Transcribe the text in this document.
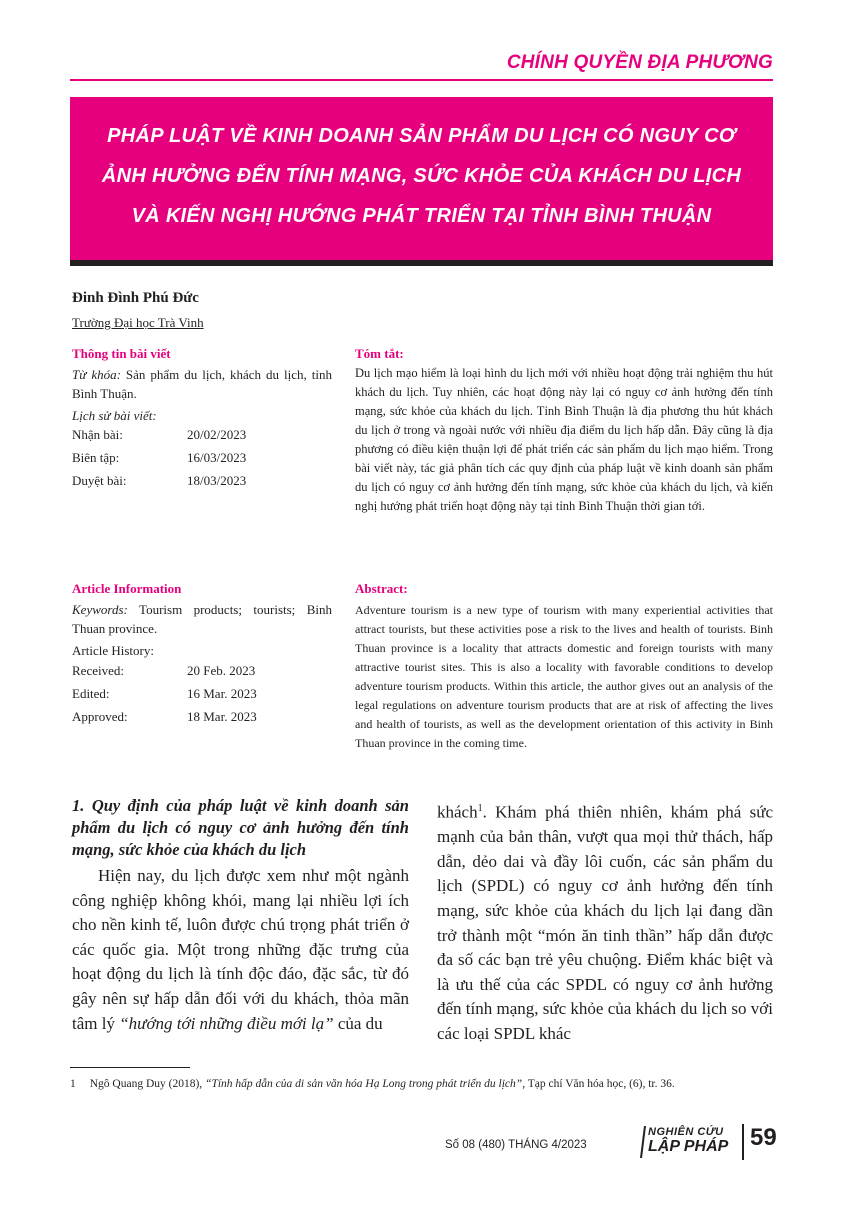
CHÍNH QUYỀN ĐỊA PHƯƠNG
PHÁP LUẬT VỀ KINH DOANH SẢN PHẨM DU LỊCH CÓ NGUY CƠ
ẢNH HƯỞNG ĐẾN TÍNH MẠNG, SỨC KHỎE CỦA KHÁCH DU LỊCH
VÀ KIẾN NGHỊ HƯỚNG PHÁT TRIỂN TẠI TỈNH BÌNH THUẬN
Đinh Đình Phú Đức
Trường Đại học Trà Vinh
Thông tin bài viết
Từ khóa: Sản phẩm du lịch, khách du lịch, tỉnh Bình Thuận.
Lịch sử bài viết:
Nhận bài:	20/02/2023
Biên tập:	16/03/2023
Duyệt bài:	18/03/2023
Tóm tắt:
Du lịch mạo hiểm là loại hình du lịch mới với nhiều hoạt động trải nghiệm thu hút khách du lịch. Tuy nhiên, các hoạt động này lại có nguy cơ ảnh hưởng đến tính mạng, sức khỏe của khách du lịch. Tỉnh Bình Thuận là địa phương thu hút khách du lịch ở trong và ngoài nước với nhiều địa điểm du lịch hấp dẫn. Đây cũng là địa phương có điều kiện thuận lợi để phát triển các sản phẩm du lịch mạo hiểm. Trong bài viết này, tác giả phân tích các quy định của pháp luật về kinh doanh sản phẩm du lịch có nguy cơ ảnh hưởng đến tính mạng, sức khỏe của khách du lịch, và kiến nghị hướng phát triển hoạt động này tại tỉnh Bình Thuận thời gian tới.
Article Information
Keywords: Tourism products; tourists; Binh Thuan province.
Article History:
Received:	20 Feb. 2023
Edited:	16 Mar. 2023
Approved:	18 Mar. 2023
Abstract:
Adventure tourism is a new type of tourism with many experiential activities that attract tourists, but these activities pose a risk to the lives and health of tourists. Binh Thuan province is a locality that attracts domestic and foreign tourists with many attractive tourist sites. This is also a locality with favorable conditions to develop adventure tourism products. Within this article, the author gives out an analysis of the legal regulations on adventure tourism products that are at risk of affecting the lives and health of tourists, as well as the development orientation of this activity in Binh Thuan province in the coming time.
1. Quy định của pháp luật về kinh doanh sản phẩm du lịch có nguy cơ ảnh hưởng đến tính mạng, sức khỏe của khách du lịch
Hiện nay, du lịch được xem như một ngành công nghiệp không khói, mang lại nhiều lợi ích cho nền kinh tế, luôn được chú trọng phát triển ở các quốc gia. Một trong những đặc trưng của hoạt động du lịch là tính độc đáo, đặc sắc, từ đó gây nên sự hấp dẫn đối với du khách, thỏa mãn tâm lý “hướng tới những điều mới lạ” của du
khách$^1$. Khám phá thiên nhiên, khám phá sức mạnh của bản thân, vượt qua mọi thử thách, hấp dẫn, dẻo dai và đầy lôi cuốn, các sản phẩm du lịch (SPDL) có nguy cơ ảnh hưởng đến tính mạng, sức khỏe của khách du lịch lại đang dần trở thành một “món ăn tinh thần” hấp dẫn được đa số các bạn trẻ yêu chuộng. Điểm khác biệt và là ưu thế của các SPDL có nguy cơ ảnh hưởng đến tính mạng, sức khỏe của khách du lịch so với các loại SPDL khác
1 Ngô Quang Duy (2018), “Tính hấp dẫn của di sản văn hóa Hạ Long trong phát triển du lịch”, Tạp chí Văn hóa học, (6), tr. 36.
Số 08 (480) THÁNG 4/2023
NGHIÊN CỨU
LẬP PHÁP 59
